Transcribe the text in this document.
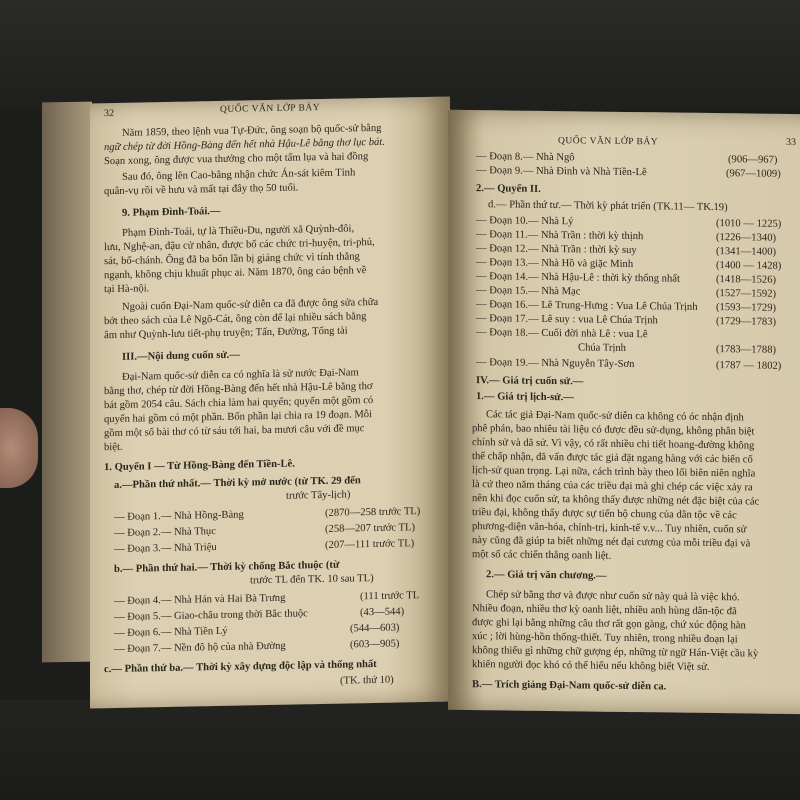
32	QUỐC VĂN LỚP BẢY
Năm 1859, theo lệnh vua Tự-Đức, ông soạn bộ quốc-sử bằng
ngữ chép từ đời Hồng-Bàng đến hết nhà Hậu-Lê bằng thơ lục bát.
Soạn xong, ông được vua thưởng cho một tấm lụa và hai đồng
Sau đó, ông lên Cao-bằng nhận chức Án-sát kiêm Tỉnh
quân-vụ rồi về hưu và mất tại đây thọ 50 tuổi.
9. Phạm Đình-Toái.—
Phạm Đình-Toái, tự là Thiều-Du, người xã Quỳnh-đôi,
lưu, Nghệ-an, đậu cử nhân, được bổ các chức tri-huyện, tri-phủ,
sát, bố-chánh. Ông đã ba bốn lần bị giáng chức vì tính thẳng
ngạnh, không chịu khuất phục ai. Năm 1870, ông cáo bệnh về
tại Hà-nội.
Ngoài cuốn Đại-Nam quốc-sử diễn ca đã được ông sửa chữa
bớt theo sách của Lê Ngô-Cát, ông còn để lại nhiều sách bằng
âm như Quỳnh-lưu tiết-phụ truyện; Tấn, Đường, Tống tài
III.—Nội dung cuốn sử.—
Đại-Nam quốc-sử diễn ca có nghĩa là sử nước Đại-Nam
bằng thơ, chép từ đời Hồng-Bàng đến hết nhà Hậu-Lê bằng thơ
bát gồm 2054 câu. Sách chia làm hai quyển; quyển một gồm có
quyển hai gồm có một phần. Bốn phần lại chia ra 19 đoạn. Mỗi
gồm một số bài thơ có từ sáu tới hai, ba mươi câu với đề mục
biệt.
1. Quyển I — Từ Hồng-Bàng đến Tiền-Lê.
a.—Phần thứ nhất.— Thời kỳ mở nước (từ TK. 29 đến
trước Tây-lịch)
— Đoạn 1.— Nhà Hồng-Bàng
— Đoạn 2.— Nhà Thục
— Đoạn 3.— Nhà Triệu
(2870—258 trước TL)
(258—207 trước TL)
(207—111 trước TL)
b.— Phần thứ hai.— Thời kỳ chống Bắc thuộc (từ
trước TL đến TK. 10 sau TL)
— Đoạn 4.— Nhà Hán và Hai Bà Trưng
— Đoạn 5.— Giao-châu trong thời Bắc thuộc
— Đoạn 6.— Nhà Tiền Lý
— Đoạn 7.— Nền đô hộ của nhà Đường
(111 trước TL
(43—544)
(544—603)
(603—905)
c.— Phần thứ ba.— Thời kỳ xây dựng độc lập và thống nhất
(TK. thứ 10)
QUỐC VĂN LỚP BẢY	33
— Đoạn 8.— Nhà Ngô
— Đoạn 9.— Nhà Đinh và Nhà Tiền-Lê
(906—967)
(967—1009)
2.— Quyển II.
d.— Phần thứ tư.— Thời kỳ phát triển (TK.11— TK.19)
— Đoạn 10.— Nhà Lý
— Đoạn 11.— Nhà Trần : thời kỳ thịnh
— Đoạn 12.— Nhà Trần : thời kỳ suy
— Đoạn 13.— Nhà Hồ và giặc Minh
— Đoạn 14.— Nhà Hậu-Lê : thời kỳ thống nhất
— Đoạn 15.— Nhà Mạc
— Đoạn 16.— Lê Trung-Hưng : Vua Lê Chúa Trịnh
— Đoạn 17.— Lê suy : vua Lê Chúa Trịnh
— Đoạn 18.— Cuối đời nhà Lê : vua Lê
Chúa Trịnh
— Đoạn 19.— Nhà Nguyễn Tây-Sơn
(1010 — 1225)
(1226—1340)
(1341—1400)
(1400 — 1428)
(1418—1526)
(1527—1592)
(1593—1729)
(1729—1783)
(1783—1788)
(1787 — 1802)
IV.— Giá trị cuốn sử.—
1.— Giá trị lịch-sử.—
Các tác giả Đại-Nam quốc-sử diễn ca không có óc nhận định
phê phán, bao nhiêu tài liệu có được đều sử-dụng, không phân biệt
chính sử và dã sử. Vì vậy, có rất nhiều chi tiết hoang-đường không
thể chấp nhận, đã vấn được tác giả đặt ngang hàng với các biến cố
lịch-sử quan trọng. Lại nữa, cách trình bày theo lối biên niên nghĩa
là cứ theo năm tháng của các triều đại mà ghi chép các việc xảy ra
nên khi đọc cuốn sử, ta không thấy được những nét đặc biệt của các
triều đại, không thấy được sự tiến bộ chung của dân tộc về các
phương-diện văn-hóa, chính-trị, kinh-tế v.v... Tuy nhiên, cuốn sử
này cũng đã giúp ta biết những nét đại cương của mỗi triều đại và
một số các chiến thắng oanh liệt.
2.— Giá trị văn chương.—
Chép sử bằng thơ và được như cuốn sử này quả là việc khó.
Nhiều đoạn, nhiều thơ kỳ oanh liệt, nhiều anh hùng dân-tộc đã
được ghi lại bằng những câu thơ rất gọn gàng, chứ xúc động hàn
xúc ; lời hùng-hồn thống-thiết. Tuy nhiên, trong nhiều đoạn lại
không thiếu gì những chữ gượng ép, những từ ngữ Hán-Việt cầu kỳ
khiến người đọc khó có thể hiểu nếu không biết Việt sử.
B.— Trích giảng Đại-Nam quốc-sử diễn ca.
